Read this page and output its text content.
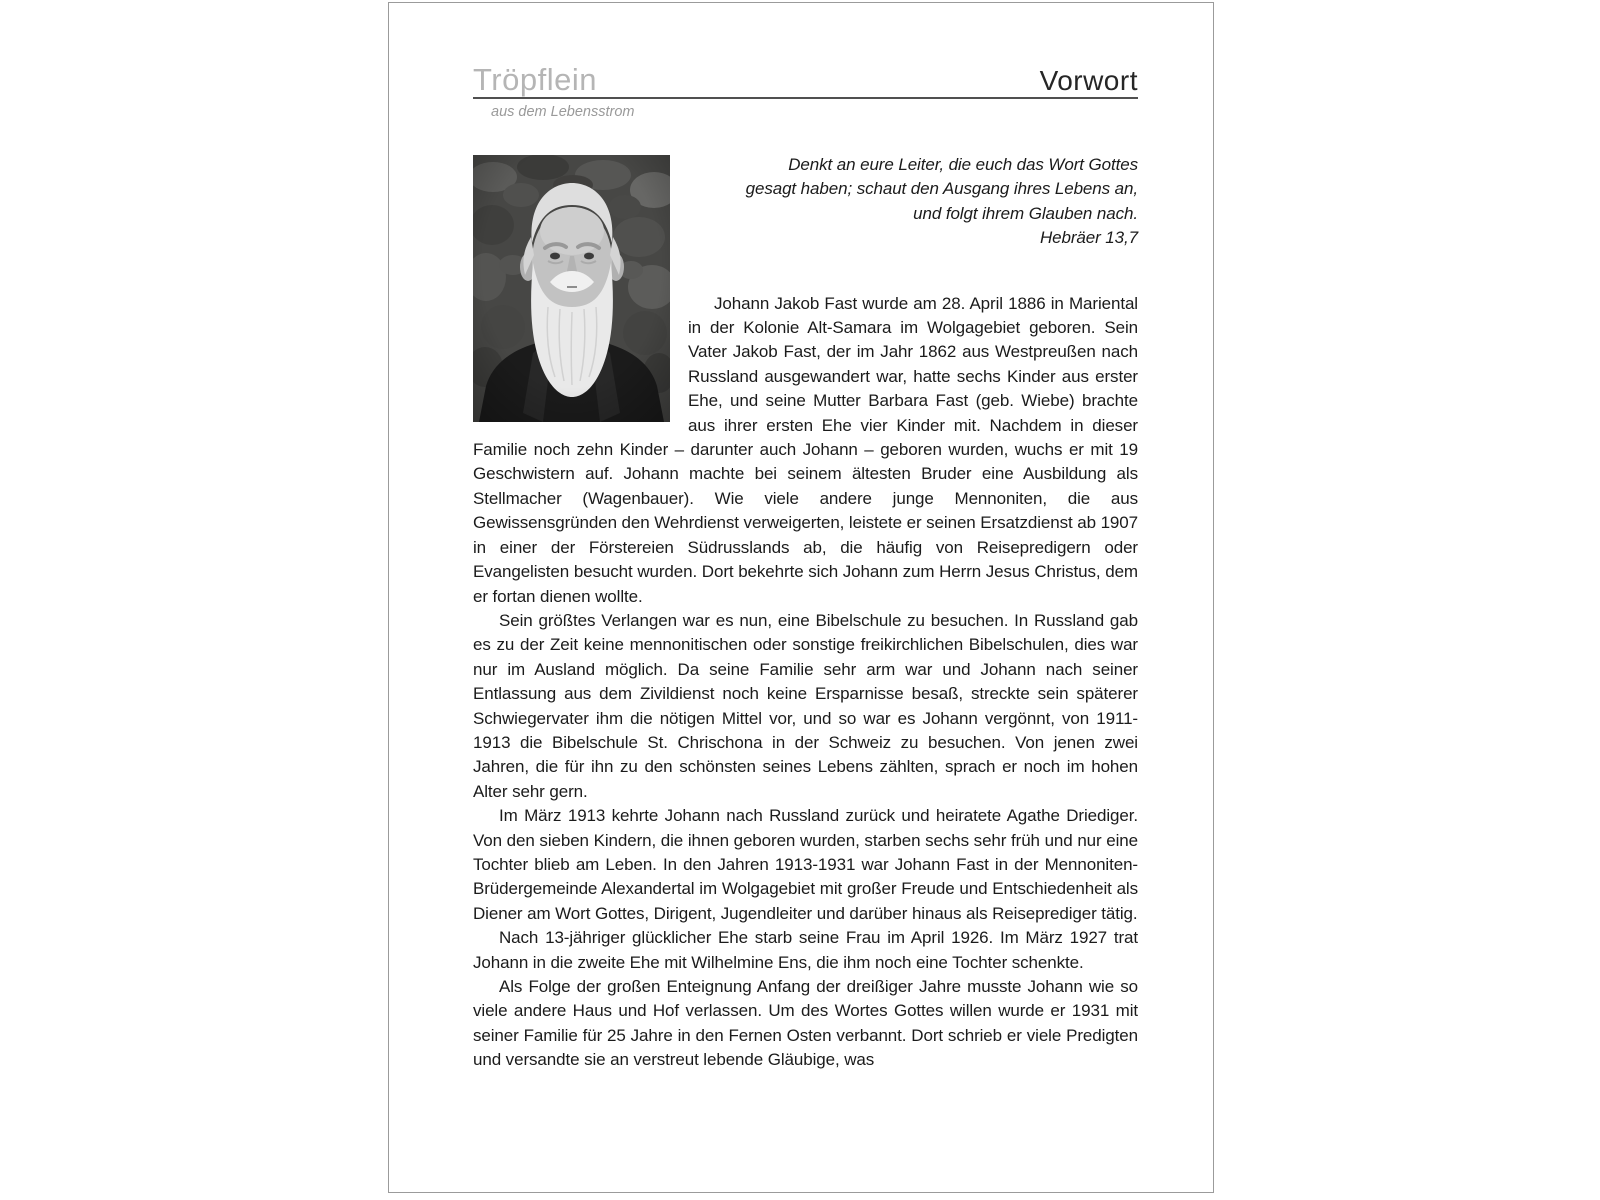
Tröpflein	Vorwort
aus dem Lebensstrom
Denkt an eure Leiter, die euch das Wort Gottes
gesagt haben; schaut den Ausgang ihres Lebens an,
und folgt ihrem Glauben nach.
Hebräer 13,7

Johann Jakob Fast wurde am 28. April 1886 in Mariental in der Kolonie Alt-Samara im Wolgagebiet geboren. Sein Vater Jakob Fast, der im Jahr 1862 aus Westpreußen nach Russland ausgewandert war, hatte sechs Kinder aus erster Ehe, und seine Mutter Barbara Fast (geb. Wiebe) brachte aus ihrer ersten Ehe vier Kinder mit. Nachdem in dieser Familie noch zehn Kinder – darunter auch Johann – geboren wurden, wuchs er mit 19 Geschwistern auf. Johann machte bei seinem ältesten Bruder eine Ausbildung als Stellmacher (Wagenbauer). Wie viele andere junge Mennoniten, die aus Gewissensgründen den Wehrdienst verweigerten, leistete er seinen Ersatzdienst ab 1907 in einer der Förstereien Südrusslands ab, die häufig von Reisepredigern oder Evangelisten besucht wurden. Dort bekehrte sich Johann zum Herrn Jesus Christus, dem er fortan dienen wollte.

Sein größtes Verlangen war es nun, eine Bibelschule zu besuchen. In Russland gab es zu der Zeit keine mennonitischen oder sonstige freikirchlichen Bibelschulen, dies war nur im Ausland möglich. Da seine Familie sehr arm war und Johann nach seiner Entlassung aus dem Zivildienst noch keine Ersparnisse besaß, streckte sein späterer Schwiegervater ihm die nötigen Mittel vor, und so war es Johann vergönnt, von 1911-1913 die Bibelschule St. Chrischona in der Schweiz zu besuchen. Von jenen zwei Jahren, die für ihn zu den schönsten seines Lebens zählten, sprach er noch im hohen Alter sehr gern.

Im März 1913 kehrte Johann nach Russland zurück und heiratete Agathe Driediger. Von den sieben Kindern, die ihnen geboren wurden, starben sechs sehr früh und nur eine Tochter blieb am Leben. In den Jahren 1913-1931 war Johann Fast in der Mennoniten-Brüdergemeinde Alexandertal im Wolgagebiet mit großer Freude und Entschiedenheit als Diener am Wort Gottes, Dirigent, Jugendleiter und darüber hinaus als Reiseprediger tätig.

Nach 13-jähriger glücklicher Ehe starb seine Frau im April 1926. Im März 1927 trat Johann in die zweite Ehe mit Wilhelmine Ens, die ihm noch eine Tochter schenkte.

Als Folge der großen Enteignung Anfang der dreißiger Jahre musste Johann wie so viele andere Haus und Hof verlassen. Um des Wortes Gottes willen wurde er 1931 mit seiner Familie für 25 Jahre in den Fernen Osten verbannt. Dort schrieb er viele Predigten und versandte sie an verstreut lebende Gläubige, was
